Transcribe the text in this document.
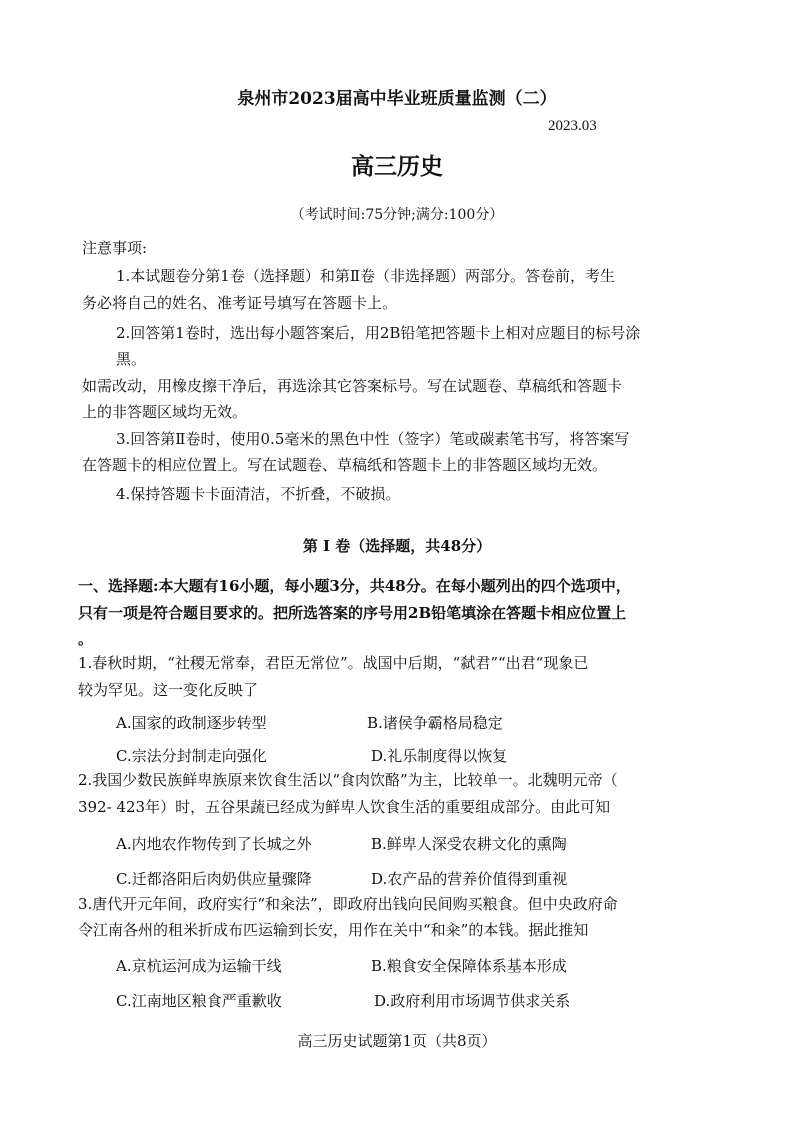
泉州市2023届高中毕业班质量监测（二）
2023.03
高三历史
（考试时间:75分钟;满分:100分）
注意事项:
1.本试题卷分第1卷（选择题）和第Ⅱ卷（非选择题）两部分。答卷前，考生
务必将自己的姓名、准考证号填写在答题卡上。
2.回答第1卷时，选出每小题答案后，用2B铅笔把答题卡上相对应题目的标号涂
黑。
如需改动，用橡皮擦干净后，再选涂其它答案标号。写在试题卷、草稿纸和答题卡
上的非答题区域均无效。
3.回答第Ⅱ卷时，使用0.5毫米的黑色中性（签字）笔或碳素笔书写，将答案写
在答题卡的相应位置上。写在试题卷、草稿纸和答题卡上的非答题区域均无效。
4.保持答题卡卡面清洁，不折叠，不破损。
第 I 卷（选择题，共48分）
一、选择题:本大题有16小题，每小题3分，共48分。在每小题列出的四个选项中，
只有一项是符合题目要求的。把所选答案的序号用2B铅笔填涂在答题卡相应位置上
。
1.春秋时期，“社稷无常奉，君臣无常位”。战国中后期，“弑君”“出君“现象已
较为罕见。这一变化反映了
A.国家的政制逐步转型	B.诸侯争霸格局稳定
C.宗法分封制走向强化	D.礼乐制度得以恢复
2.我国少数民族鲜卑族原来饮食生活以“食肉饮酪”为主，比较单一。北魏明元帝（
392- 423年）时，五谷果蔬已经成为鲜卑人饮食生活的重要组成部分。由此可知
A.内地农作物传到了长城之外	B.鲜卑人深受农耕文化的熏陶
C.迁都洛阳后肉奶供应量骤降	D.农产品的营养价值得到重视
3.唐代开元年间，政府实行“和籴法”，即政府出钱向民间购买粮食。但中央政府命
令江南各州的租米折成布匹运输到长安，用作在关中“和籴”的本钱。据此推知
A.京杭运河成为运输干线	B.粮食安全保障体系基本形成
C.江南地区粮食严重歉收	D.政府利用市场调节供求关系
高三历史试题第1页（共8页）
